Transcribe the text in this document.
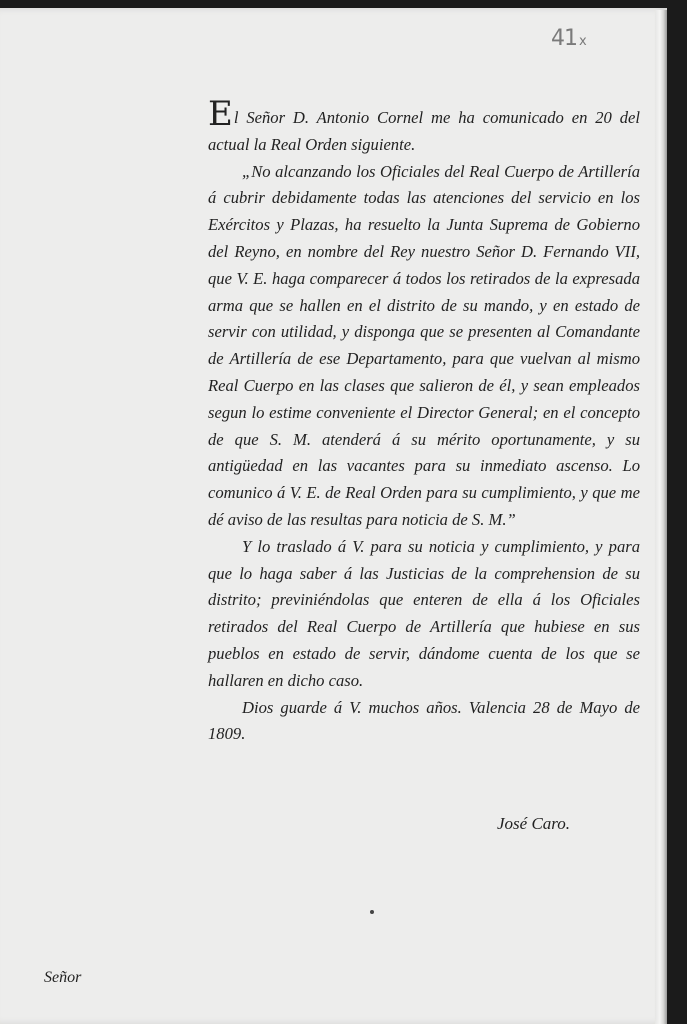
41 x

El Señor D. Antonio Cornel me ha comunicado en 20 del actual la Real Orden siguiente.

„No alcanzando los Oficiales del Real Cuerpo de Artillería á cubrir debidamente todas las atenciones del servicio en los Exércitos y Plazas, ha resuelto la Junta Suprema de Gobierno del Reyno, en nombre del Rey nuestro Señor D. Fernando VII, que V. E. haga comparecer á todos los retirados de la expresada arma que se hallen en el distrito de su mando, y en estado de servir con utilidad, y disponga que se presenten al Comandante de Artillería de ese Departamento, para que vuelvan al mismo Real Cuerpo en las clases que salieron de él, y sean empleados segun lo estime conveniente el Director General; en el concepto de que S. M. atenderá á su mérito oportunamente, y su antigüedad en las vacantes para su inmediato ascenso. Lo comunico á V. E. de Real Orden para su cumplimiento, y que me dé aviso de las resultas para noticia de S. M.”

Y lo traslado á V. para su noticia y cumplimiento, y para que lo haga saber á las Justicias de la comprehension de su distrito; previniéndolas que enteren de ella á los Oficiales retirados del Real Cuerpo de Artillería que hubiese en sus pueblos en estado de servir, dándome cuenta de los que se hallaren en dicho caso.

Dios guarde á V. muchos años. Valencia 28 de Mayo de 1809.

José Caro.
Señor
